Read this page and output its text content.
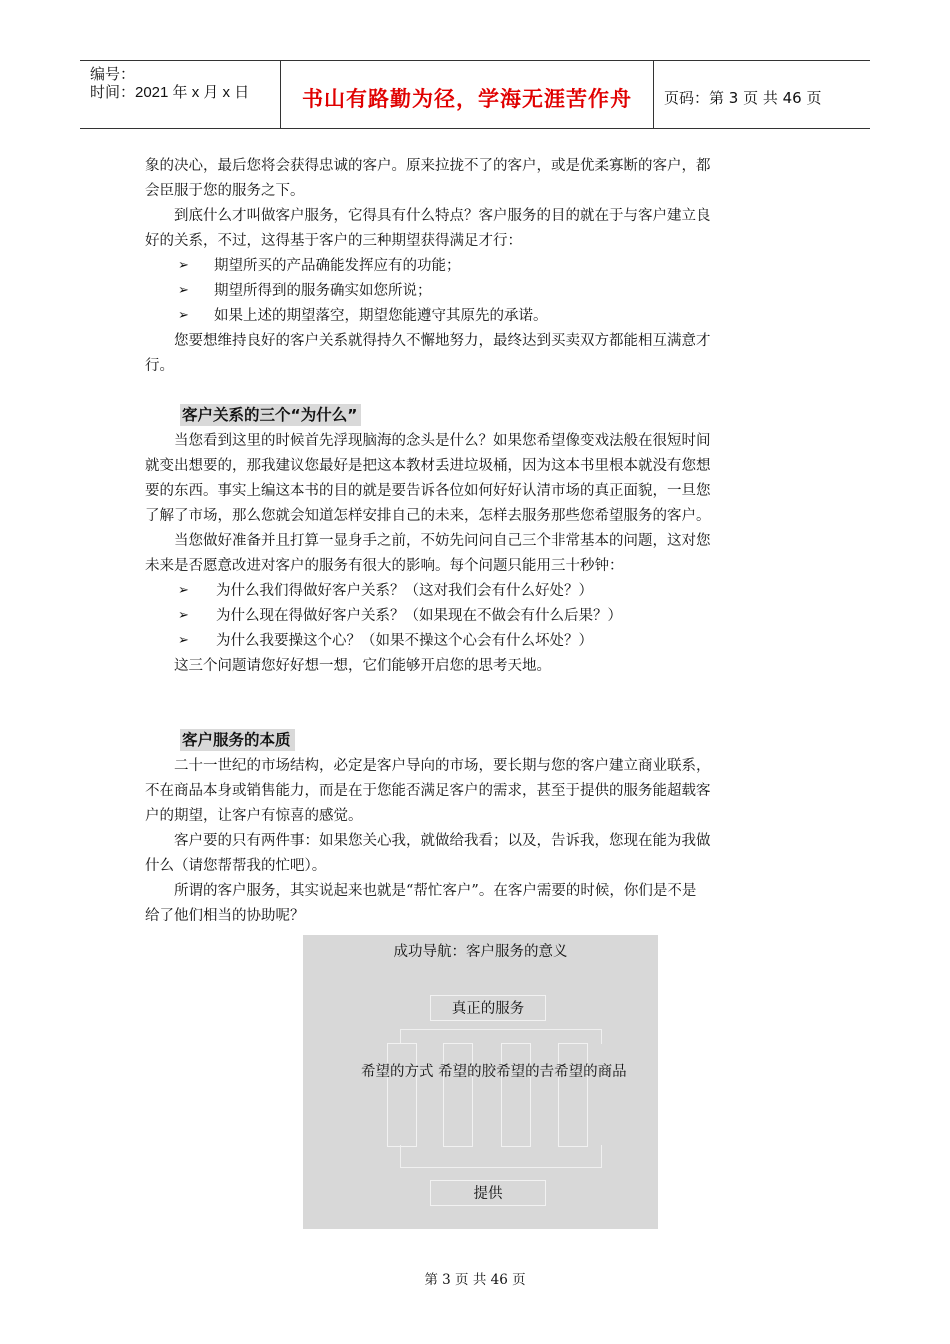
编号：
时间：2021 年 x 月 x 日	书山有路勤为径，学海无涯苦作舟	页码：第 3 页 共 46 页
象的决心，最后您将会获得忠诚的客户。原来拉拢不了的客户，或是优柔寡断的客户，都
会臣服于您的服务之下。
　　到底什么才叫做客户服务，它得具有什么特点？客户服务的目的就在于与客户建立良
好的关系，不过，这得基于客户的三种期望获得满足才行：
➢ 期望所买的产品确能发挥应有的功能；
➢ 期望所得到的服务确实如您所说；
➢ 如果上述的期望落空，期望您能遵守其原先的承诺。
　　您要想维持良好的客户关系就得持久不懈地努力，最终达到买卖双方都能相互满意才
行。
客户关系的三个“为什么”
　　当您看到这里的时候首先浮现脑海的念头是什么？如果您希望像变戏法般在很短时间
就变出想要的，那我建议您最好是把这本教材丢进垃圾桶，因为这本书里根本就没有您想
要的东西。事实上编这本书的目的就是要告诉各位如何好好认清市场的真正面貌，一旦您
了解了市场，那么您就会知道怎样安排自己的未来，怎样去服务那些您希望服务的客户。
　　当您做好准备并且打算一显身手之前，不妨先问问自己三个非常基本的问题，这对您
未来是否愿意改进对客户的服务有很大的影响。每个问题只能用三十秒钟：
➢ 为什么我们得做好客户关系？（这对我们会有什么好处？）
➢ 为什么现在得做好客户关系？（如果现在不做会有什么后果？）
➢ 为什么我要操这个心？（如果不操这个心会有什么坏处？）
　　这三个问题请您好好想一想，它们能够开启您的思考天地。
客户服务的本质
　　二十一世纪的市场结构，必定是客户导向的市场，要长期与您的客户建立商业联系，
不在商品本身或销售能力，而是在于您能否满足客户的需求，甚至于提供的服务能超载客
户的期望，让客户有惊喜的感觉。
　　客户要的只有两件事：如果您关心我，就做给我看；以及，告诉我，您现在能为我做
什么（请您帮帮我的忙吧）。
　　所谓的客户服务，其实说起来也就是“帮忙客户”。在客户需要的时候，你们是不是
给了他们相当的协助呢？
成功导航：客户服务的意义
真正的服务
希望的方式 希望的㬵希望的𠮷希望的商品
提供
第 3 页 共 46 页
